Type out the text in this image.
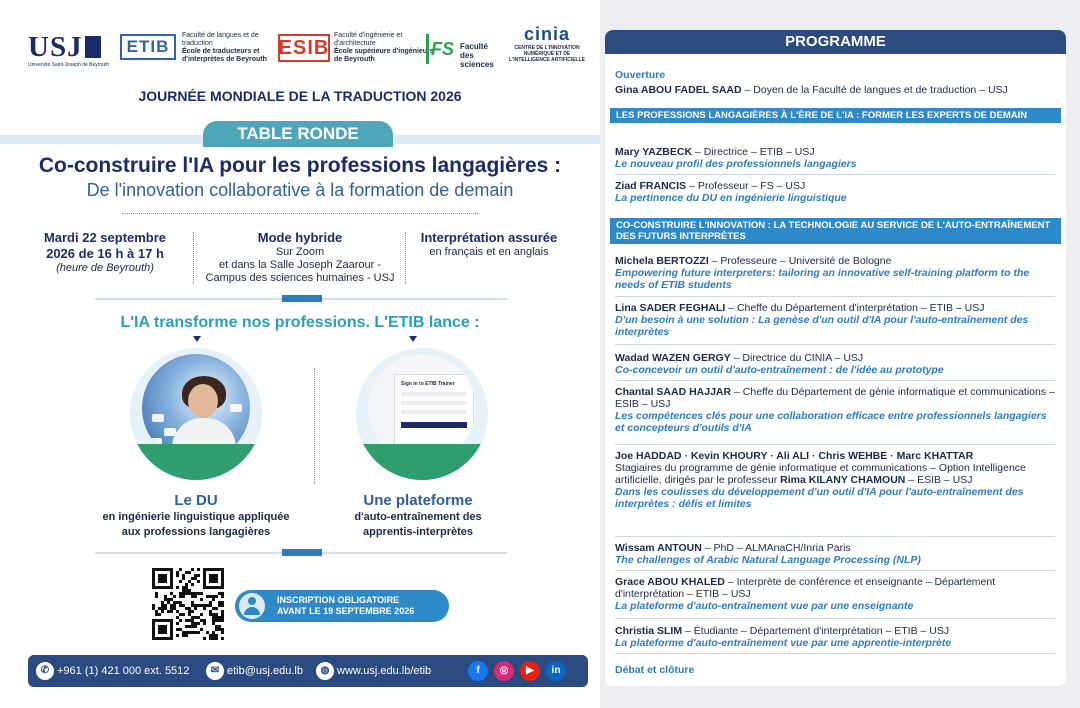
USJ
Université Saint-Joseph de Beyrouth
ETIB
Faculté de langues et de traduction
École de traducteurs et d'interprètes de Beyrouth
ESIB
Faculté d'ingénierie et d'architecture
École supérieure d'ingénieurs de Beyrouth
FS Faculté des sciences
cinia
CENTRE DE L'INNOVATION NUMÉRIQUE ET DE L'INTELLIGENCE ARTIFICIELLE
JOURNÉE MONDIALE DE LA TRADUCTION 2026
TABLE RONDE
Co-construire l'IA pour les professions langagières :
De l'innovation collaborative à la formation de demain
Mardi 22 septembre
2026 de 16 h à 17 h
(heure de Beyrouth)
Mode hybride
Sur Zoom
et dans la Salle Joseph Zaarour -
Campus des sciences humaines - USJ
Interprétation assurée
en français et en anglais
L'IA transforme nos professions. L'ETIB lance :
Sign in to ETIB Trainer
Le DU
en ingénierie linguistique appliquée
aux professions langagières
Une plateforme
d'auto-entraînement des
apprentis-interprètes
INSCRIPTION OBLIGATOIRE
AVANT LE 19 SEPTEMBRE 2026
✆ +961 (1) 421 000 ext. 5512	✉ etib@usj.edu.lb	◍ www.usj.edu.lb/etib	f	◎	▶	in
PROGRAMME
Ouverture
Gina ABOU FADEL SAAD – Doyen de la Faculté de langues et de traduction – USJ
LES PROFESSIONS LANGAGIÈRES À L'ÈRE DE L'IA : FORMER LES EXPERTS DE DEMAIN
Mary YAZBECK – Directrice – ETIB – USJ
Le nouveau profil des professionnels langagiers
Ziad FRANCIS – Professeur – FS – USJ
La pertinence du DU en ingénierie linguistique
CO-CONSTRUIRE L'INNOVATION : LA TECHNOLOGIE AU SERVICE DE L'AUTO-ENTRAÎNEMENT DES FUTURS INTERPRÈTES
Michela BERTOZZI – Professeure – Université de Bologne
Empowering future interpreters: tailoring an innovative self-training platform to the needs of ETIB students
Lina SADER FEGHALI – Cheffe du Département d'interprétation – ETIB – USJ
D'un besoin à une solution : La genèse d'un outil d'IA pour l'auto-entraînement des interprètes
Wadad WAZEN GERGY – Directrice du CINIA – USJ
Co-concevoir un outil d'auto-entraînement : de l'idée au prototype
Chantal SAAD HAJJAR – Cheffe du Département de génie informatique et communications – ESIB – USJ
Les compétences clés pour une collaboration efficace entre professionnels langagiers et concepteurs d'outils d'IA
Joe HADDAD · Kevin KHOURY · Ali ALI · Chris WEHBE · Marc KHATTAR
Stagiaires du programme de génie informatique et communications – Option Intelligence artificielle, dirigés par le professeur Rima KILANY CHAMOUN – ESIB – USJ
Dans les coulisses du développement d'un outil d'IA pour l'auto-entraînement des interprètes : défis et limites
Wissam ANTOUN – PhD – ALMAnaCH/Inria Paris
The challenges of Arabic Natural Language Processing (NLP)
Grace ABOU KHALED – Interprète de conférence et enseignante – Département d'interprétation – ETIB – USJ
La plateforme d'auto-entraînement vue par une enseignante
Christia SLIM – Étudiante – Département d'interprétation – ETIB – USJ
La plateforme d'auto-entraînement vue par une apprentie-interprète
Débat et clôture
